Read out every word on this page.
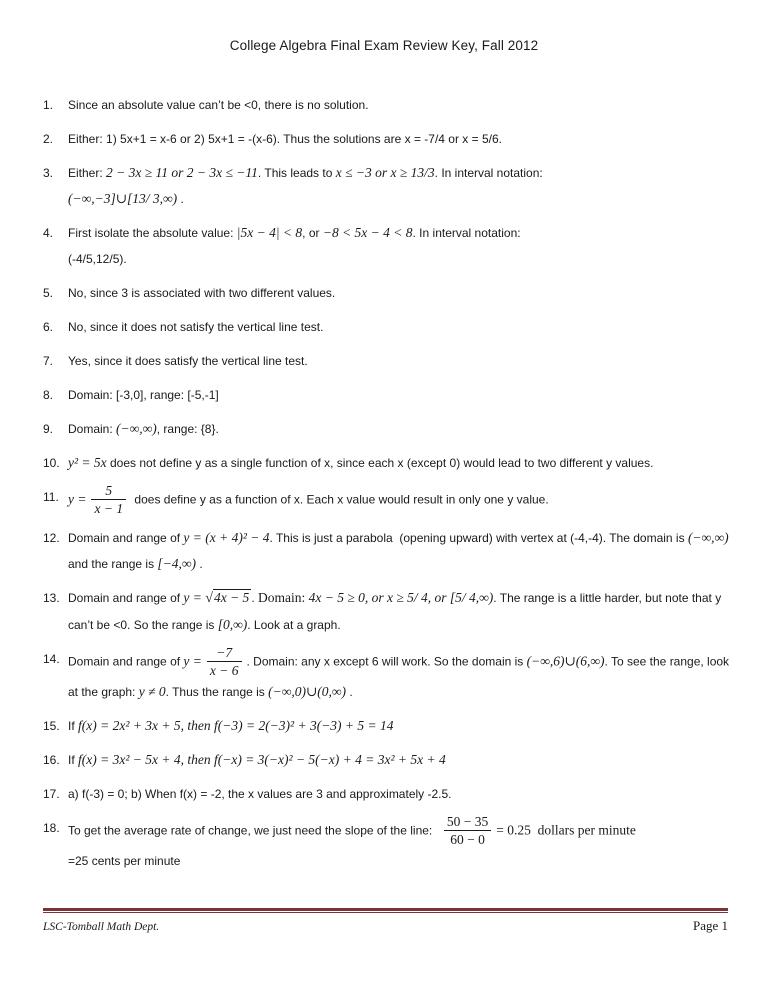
College Algebra Final Exam Review Key, Fall 2012
1.	Since an absolute value can’t be <0, there is no solution.
2.	Either: 1) 5x+1 = x-6 or 2) 5x+1 = -(x-6). Thus the solutions are x = -7/4 or x = 5/6.
3.	Either: 2 − 3x ≥ 11 or 2 − 3x ≤ −11. This leads to x ≤ −3 or x ≥ 13/3. In interval notation:
(−∞,−3]∪[13/ 3,∞) .
4.	First isolate the absolute value: |5x − 4| < 8, or −8 < 5x − 4 < 8. In interval notation:
(-4/5,12/5).
5.	No, since 3 is associated with two different values.
6.	No, since it does not satisfy the vertical line test.
7.	Yes, since it does satisfy the vertical line test.
8.	Domain: [-3,0], range: [-5,-1]
9.	Domain: (−∞,∞), range: {8}.
10. y² = 5x does not define y as a single function of x, since each x (except 0) would lead to two different y values.
11. $y = \frac{5}{x - 1}$ does define y as a function of x. Each x value would result in only one y value.
12. Domain and range of y = (x + 4)² − 4. This is just a parabola  (opening upward) with vertex at (-4,-4). The domain is (−∞,∞) and the range is [−4,∞) .
13. Domain and range of y = √4x − 5 . Domain: 4x − 5 ≥ 0, or x ≥ 5/ 4, or [5/ 4,∞). The range is a little harder, but note that y can’t be <0. So the range is [0,∞). Look at a graph.
14. Domain and range of $y = \frac{-7}{x - 6}$ . Domain: any x except 6 will work. So the domain is (−∞,6)∪(6,∞). To see the range, look at the graph: y ≠ 0. Thus the range is (−∞,0)∪(0,∞) .
15. If f(x) = 2x² + 3x + 5, then f(−3) = 2(−3)² + 3(−3) + 5 = 14
16. If f(x) = 3x² − 5x + 4, then f(−x) = 3(−x)² − 5(−x) + 4 = 3x² + 5x + 4
17. a) f(-3) = 0; b) When f(x) = -2, the x values are 3 and approximately -2.5.
18. To get the average rate of change, we just need the slope of the line: $\frac{50 - 35}{60 - 0} = 0.25$  dollars per minute
=25 cents per minute
LSC-Tomball Math Dept.	Page 1
